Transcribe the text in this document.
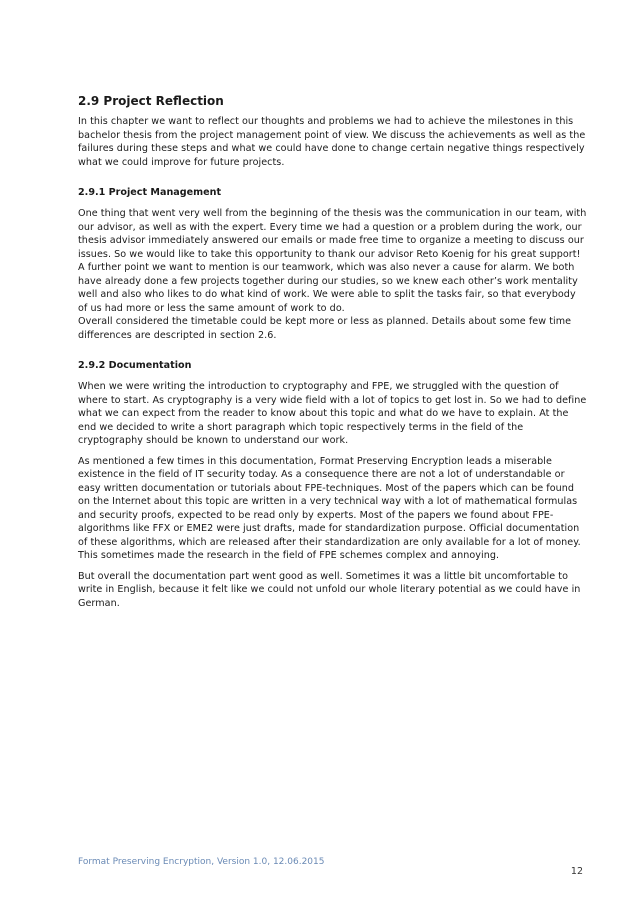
2.9 Project Reflection

In this chapter we want to reflect our thoughts and problems we had to achieve the milestones in this bachelor thesis from the project management point of view. We discuss the achievements as well as the failures during these steps and what we could have done to change certain negative things respectively what we could improve for future projects.

2.9.1 Project Management

One thing that went very well from the beginning of the thesis was the communication in our team, with our advisor, as well as with the expert. Every time we had a question or a problem during the work, our thesis advisor immediately answered our emails or made free time to organize a meeting to discuss our issues. So we would like to take this opportunity to thank our advisor Reto Koenig for his great support!

A further point we want to mention is our teamwork, which was also never a cause for alarm. We both have already done a few projects together during our studies, so we knew each other’s work mentality well and also who likes to do what kind of work. We were able to split the tasks fair, so that everybody of us had more or less the same amount of work to do.

Overall considered the timetable could be kept more or less as planned. Details about some few time differences are descripted in section 2.6.

2.9.2 Documentation

When we were writing the introduction to cryptography and FPE, we struggled with the question of where to start. As cryptography is a very wide field with a lot of topics to get lost in. So we had to define what we can expect from the reader to know about this topic and what do we have to explain. At the end we decided to write a short paragraph which topic respectively terms in the field of the cryptography should be known to understand our work.

As mentioned a few times in this documentation, Format Preserving Encryption leads a miserable existence in the field of IT security today. As a consequence there are not a lot of understandable or easy written documentation or tutorials about FPE-techniques. Most of the papers which can be found on the Internet about this topic are written in a very technical way with a lot of mathematical formulas and security proofs, expected to be read only by experts. Most of the papers we found about FPE-algorithms like FFX or EME2 were just drafts, made for standardization purpose. Official documentation of these algorithms, which are released after their standardization are only available for a lot of money. This sometimes made the research in the field of FPE schemes complex and annoying.

But overall the documentation part went good as well. Sometimes it was a little bit uncomfortable to write in English, because it felt like we could not unfold our whole literary potential as we could have in German.

Format Preserving Encryption, Version 1.0, 12.06.2015
12
